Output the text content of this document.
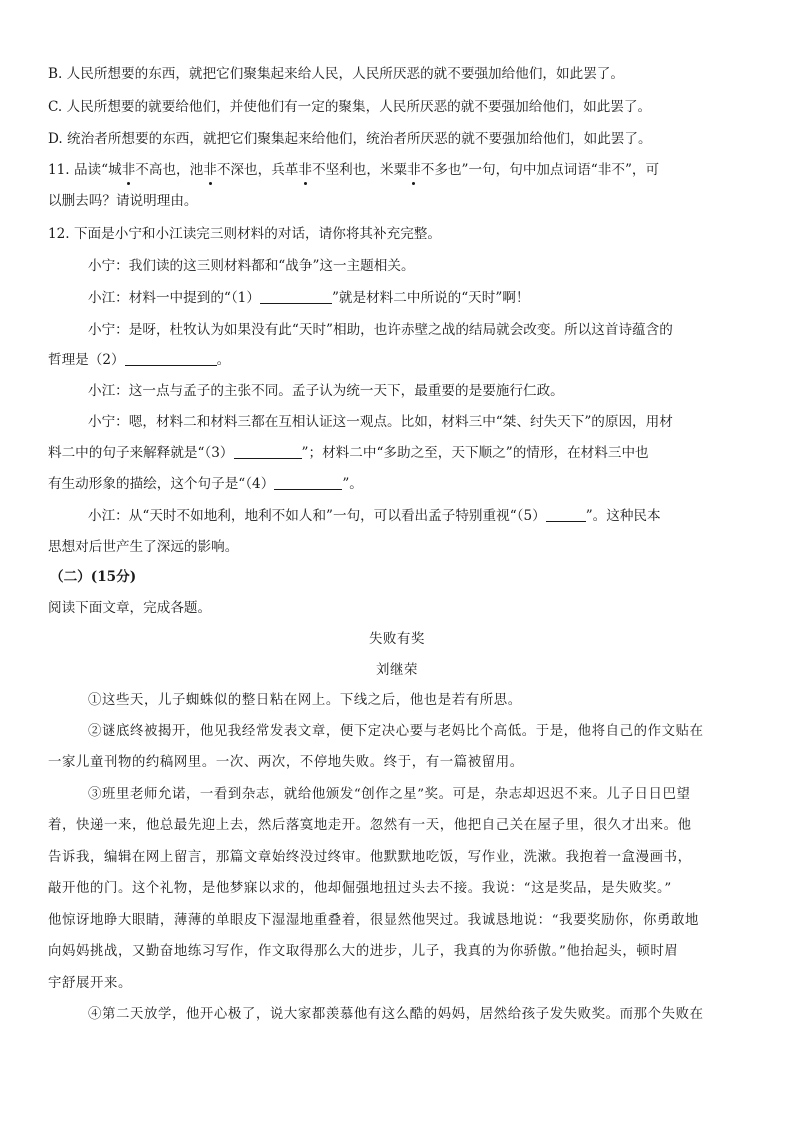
B. 人民所想要的东西，就把它们聚集起来给人民，人民所厌恶的就不要强加给他们，如此罢了。
C. 人民所想要的就要给他们，并使他们有一定的聚集，人民所厌恶的就不要强加给他们，如此罢了。
D. 统治者所想要的东西，就把它们聚集起来给他们，统治者所厌恶的就不要强加给他们，如此罢了。
11. 品读“城非不高也，池非不深也，兵革非不坚利也，米粟非不多也”一句，句中加点词语“非不”，可
以删去吗？请说明理由。
12. 下面是小宁和小江读完三则材料的对话，请你将其补充完整。
小宁：我们读的这三则材料都和“战争”这一主题相关。
小江：材料一中提到的“（1）	”就是材料二中所说的“天时”啊！
小宁：是呀，杜牧认为如果没有此“天时”相助，也许赤壁之战的结局就会改变。所以这首诗蕴含的
哲理是（2）	。
小江：这一点与孟子的主张不同。孟子认为统一天下，最重要的是要施行仁政。
小宁：嗯，材料二和材料三都在互相认证这一观点。比如，材料三中“桀、纣失天下”的原因，用材
料二中的句子来解释就是“（3）	”；材料二中“多助之至，天下顺之”的情形，在材料三中也
有生动形象的描绘，这个句子是“（4）	”。
小江：从“天时不如地利，地利不如人和”一句，可以看出孟子特别重视“（5）	”。这种民本
思想对后世产生了深远的影响。
（二）(15分)
阅读下面文章，完成各题。
失败有奖
刘继荣
①这些天，儿子蜘蛛似的整日粘在网上。下线之后，他也是若有所思。
②谜底终被揭开，他见我经常发表文章，便下定决心要与老妈比个高低。于是，他将自己的作文贴在
一家儿童刊物的约稿网里。一次、两次，不停地失败。终于，有一篇被留用。
③班里老师允诺，一看到杂志，就给他颁发“创作之星”奖。可是，杂志却迟迟不来。儿子日日巴望
着，快递一来，他总最先迎上去，然后落寞地走开。忽然有一天，他把自己关在屋子里，很久才出来。他
告诉我，编辑在网上留言，那篇文章始终没过终审。他默默地吃饭，写作业，洗漱。我抱着一盒漫画书，
敲开他的门。这个礼物，是他梦寐以求的，他却倔强地扭过头去不接。我说：“这是奖品，是失败奖。”
他惊讶地睁大眼睛，薄薄的单眼皮下湿湿地重叠着，很显然他哭过。我诚恳地说：“我要奖励你，你勇敢地
向妈妈挑战，又勤奋地练习写作，作文取得那么大的进步，儿子，我真的为你骄傲。”他抬起头，顿时眉
宇舒展开来。
④第二天放学，他开心极了，说大家都羡慕他有这么酷的妈妈，居然给孩子发失败奖。而那个失败在
